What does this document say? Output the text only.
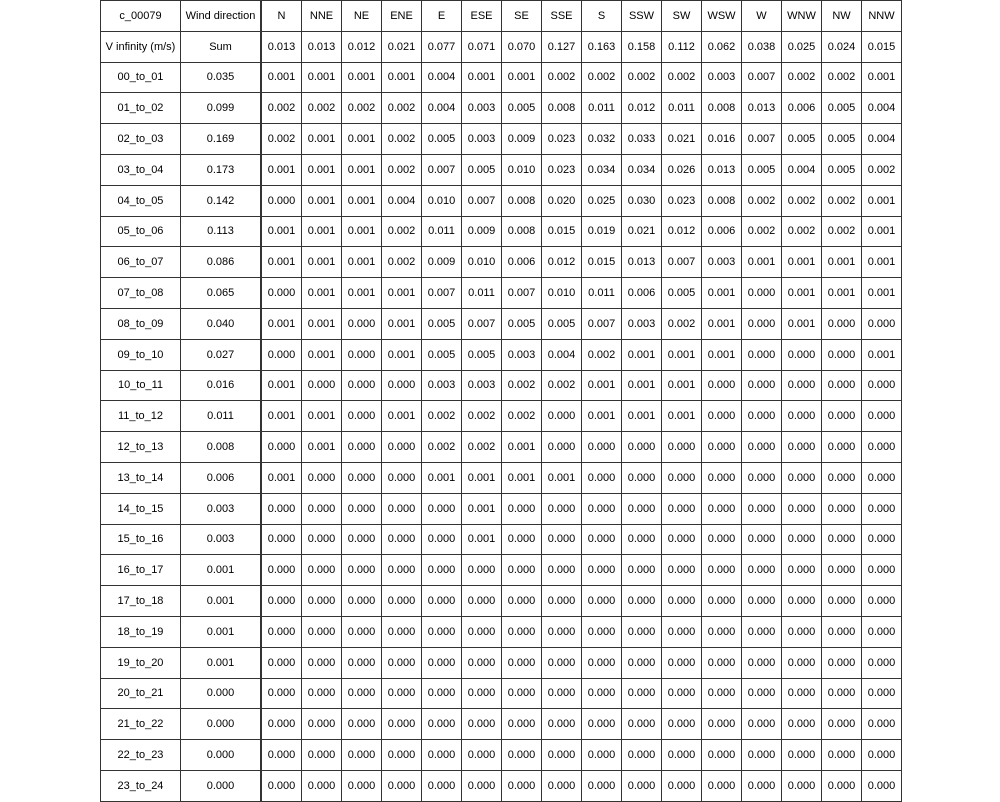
c_00079	Wind direction	N	NNE	NE	ENE	E	ESE	SE	SSE	S	SSW	SW	WSW	W	WNW	NW	NNW
V infinity (m/s)	Sum	0.013	0.013	0.012	0.021	0.077	0.071	0.070	0.127	0.163	0.158	0.112	0.062	0.038	0.025	0.024	0.015
00_to_01	0.035	0.001	0.001	0.001	0.001	0.004	0.001	0.001	0.002	0.002	0.002	0.002	0.003	0.007	0.002	0.002	0.001
01_to_02	0.099	0.002	0.002	0.002	0.002	0.004	0.003	0.005	0.008	0.011	0.012	0.011	0.008	0.013	0.006	0.005	0.004
02_to_03	0.169	0.002	0.001	0.001	0.002	0.005	0.003	0.009	0.023	0.032	0.033	0.021	0.016	0.007	0.005	0.005	0.004
03_to_04	0.173	0.001	0.001	0.001	0.002	0.007	0.005	0.010	0.023	0.034	0.034	0.026	0.013	0.005	0.004	0.005	0.002
04_to_05	0.142	0.000	0.001	0.001	0.004	0.010	0.007	0.008	0.020	0.025	0.030	0.023	0.008	0.002	0.002	0.002	0.001
05_to_06	0.113	0.001	0.001	0.001	0.002	0.011	0.009	0.008	0.015	0.019	0.021	0.012	0.006	0.002	0.002	0.002	0.001
06_to_07	0.086	0.001	0.001	0.001	0.002	0.009	0.010	0.006	0.012	0.015	0.013	0.007	0.003	0.001	0.001	0.001	0.001
07_to_08	0.065	0.000	0.001	0.001	0.001	0.007	0.011	0.007	0.010	0.011	0.006	0.005	0.001	0.000	0.001	0.001	0.001
08_to_09	0.040	0.001	0.001	0.000	0.001	0.005	0.007	0.005	0.005	0.007	0.003	0.002	0.001	0.000	0.001	0.000	0.000
09_to_10	0.027	0.000	0.001	0.000	0.001	0.005	0.005	0.003	0.004	0.002	0.001	0.001	0.001	0.000	0.000	0.000	0.001
10_to_11	0.016	0.001	0.000	0.000	0.000	0.003	0.003	0.002	0.002	0.001	0.001	0.001	0.000	0.000	0.000	0.000	0.000
11_to_12	0.011	0.001	0.001	0.000	0.001	0.002	0.002	0.002	0.000	0.001	0.001	0.001	0.000	0.000	0.000	0.000	0.000
12_to_13	0.008	0.000	0.001	0.000	0.000	0.002	0.002	0.001	0.000	0.000	0.000	0.000	0.000	0.000	0.000	0.000	0.000
13_to_14	0.006	0.001	0.000	0.000	0.000	0.001	0.001	0.001	0.001	0.000	0.000	0.000	0.000	0.000	0.000	0.000	0.000
14_to_15	0.003	0.000	0.000	0.000	0.000	0.000	0.001	0.000	0.000	0.000	0.000	0.000	0.000	0.000	0.000	0.000	0.000
15_to_16	0.003	0.000	0.000	0.000	0.000	0.000	0.001	0.000	0.000	0.000	0.000	0.000	0.000	0.000	0.000	0.000	0.000
16_to_17	0.001	0.000	0.000	0.000	0.000	0.000	0.000	0.000	0.000	0.000	0.000	0.000	0.000	0.000	0.000	0.000	0.000
17_to_18	0.001	0.000	0.000	0.000	0.000	0.000	0.000	0.000	0.000	0.000	0.000	0.000	0.000	0.000	0.000	0.000	0.000
18_to_19	0.001	0.000	0.000	0.000	0.000	0.000	0.000	0.000	0.000	0.000	0.000	0.000	0.000	0.000	0.000	0.000	0.000
19_to_20	0.001	0.000	0.000	0.000	0.000	0.000	0.000	0.000	0.000	0.000	0.000	0.000	0.000	0.000	0.000	0.000	0.000
20_to_21	0.000	0.000	0.000	0.000	0.000	0.000	0.000	0.000	0.000	0.000	0.000	0.000	0.000	0.000	0.000	0.000	0.000
21_to_22	0.000	0.000	0.000	0.000	0.000	0.000	0.000	0.000	0.000	0.000	0.000	0.000	0.000	0.000	0.000	0.000	0.000
22_to_23	0.000	0.000	0.000	0.000	0.000	0.000	0.000	0.000	0.000	0.000	0.000	0.000	0.000	0.000	0.000	0.000	0.000
23_to_24	0.000	0.000	0.000	0.000	0.000	0.000	0.000	0.000	0.000	0.000	0.000	0.000	0.000	0.000	0.000	0.000	0.000
